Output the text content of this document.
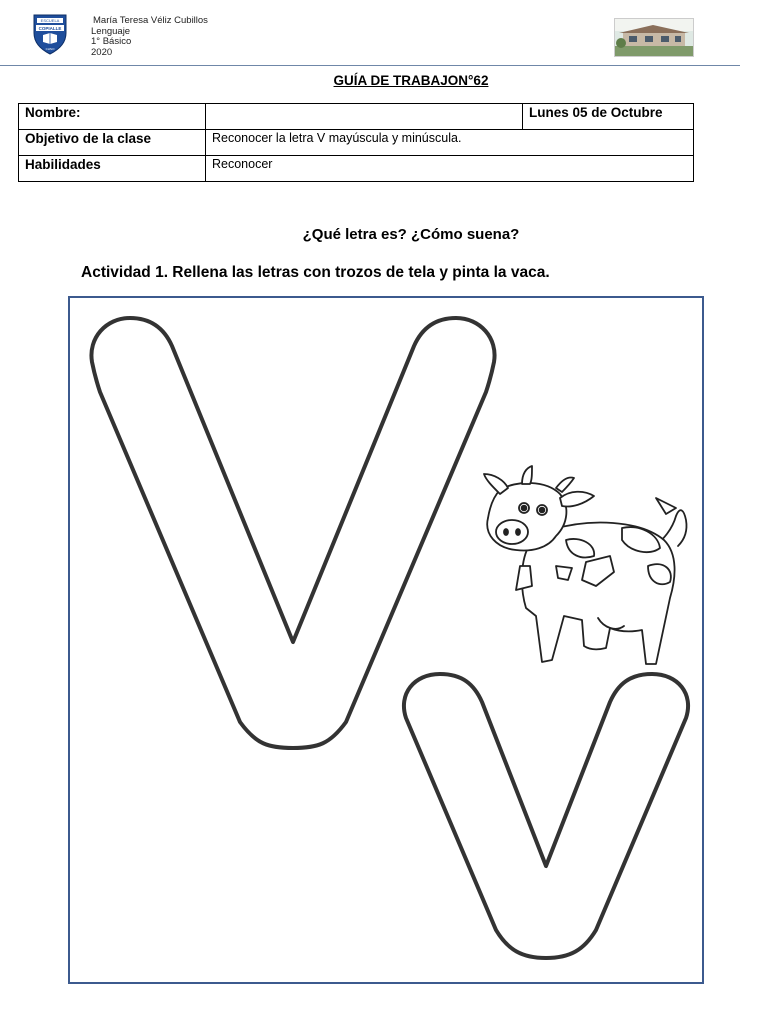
ESCUELA
COPIALLE
CHNO
María Teresa Véliz Cubillos
Lenguaje
1° Básico
2020
GUÍA DE TRABAJON°62
Nombre:		Lunes 05 de Octubre
Objetivo de la clase	Reconocer la letra V mayúscula y minúscula.	
Habilidades	Reconocer	
¿Qué letra es? ¿Cómo suena?
Actividad 1. Rellena las letras con trozos de tela y pinta la vaca.
